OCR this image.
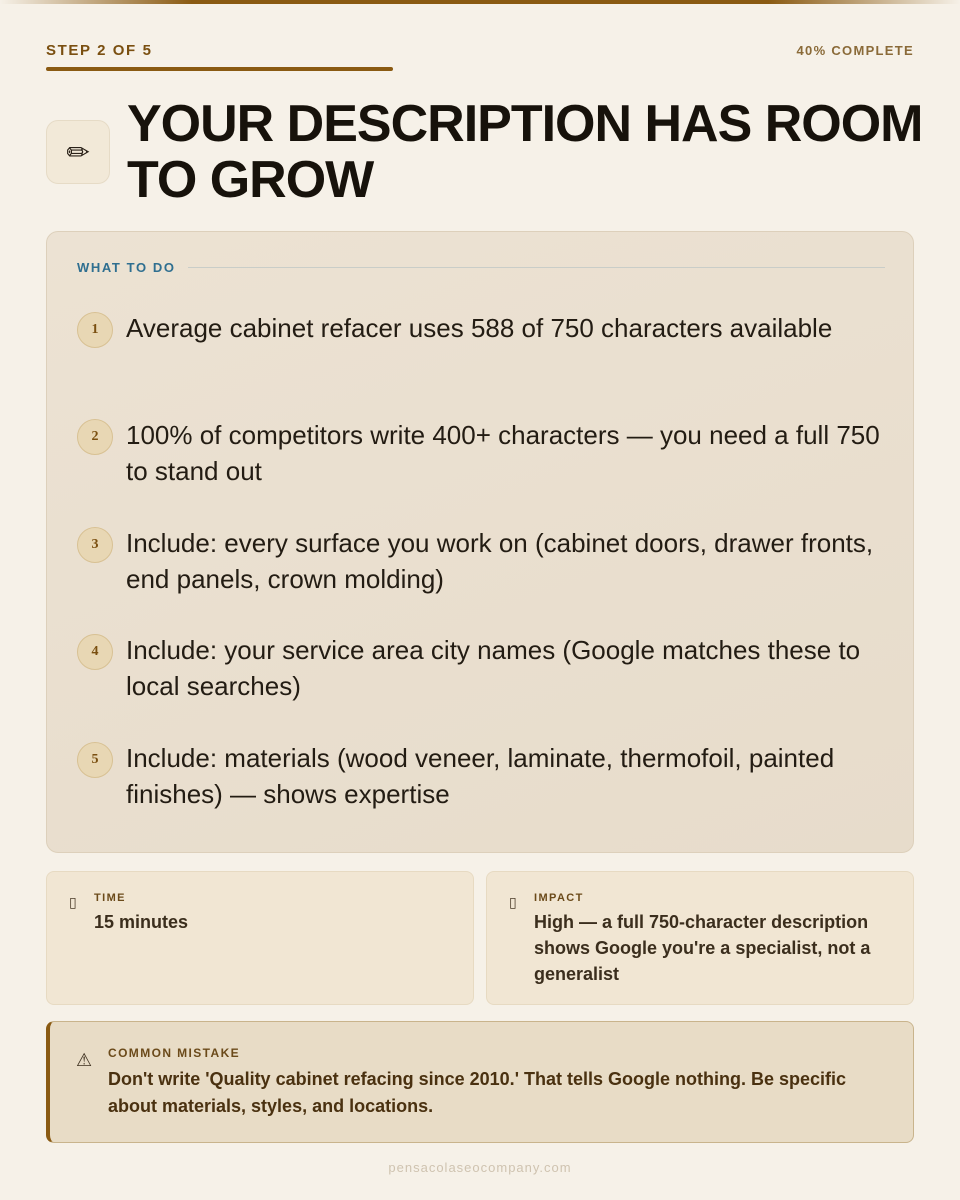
STEP 2 OF 5	40% COMPLETE
✏ YOUR DESCRIPTION HAS ROOM TO GROW
WHAT TO DO
1	Average cabinet refacer uses 588 of 750 characters available
2	100% of competitors write 400+ characters — you need a full 750 to stand out
3	Include: every surface you work on (cabinet doors, drawer fronts, end panels, crown molding)
4	Include: your service area city names (Google matches these to local searches)
5	Include: materials (wood veneer, laminate, thermofoil, painted finishes) — shows expertise
▯	TIME
15 minutes
▯	IMPACT
High — a full 750-character description shows Google you're a specialist, not a generalist
⚠ COMMON MISTAKE
Don't write 'Quality cabinet refacing since 2010.' That tells Google nothing. Be specific about materials, styles, and locations.
pensacolaseocompany.com
